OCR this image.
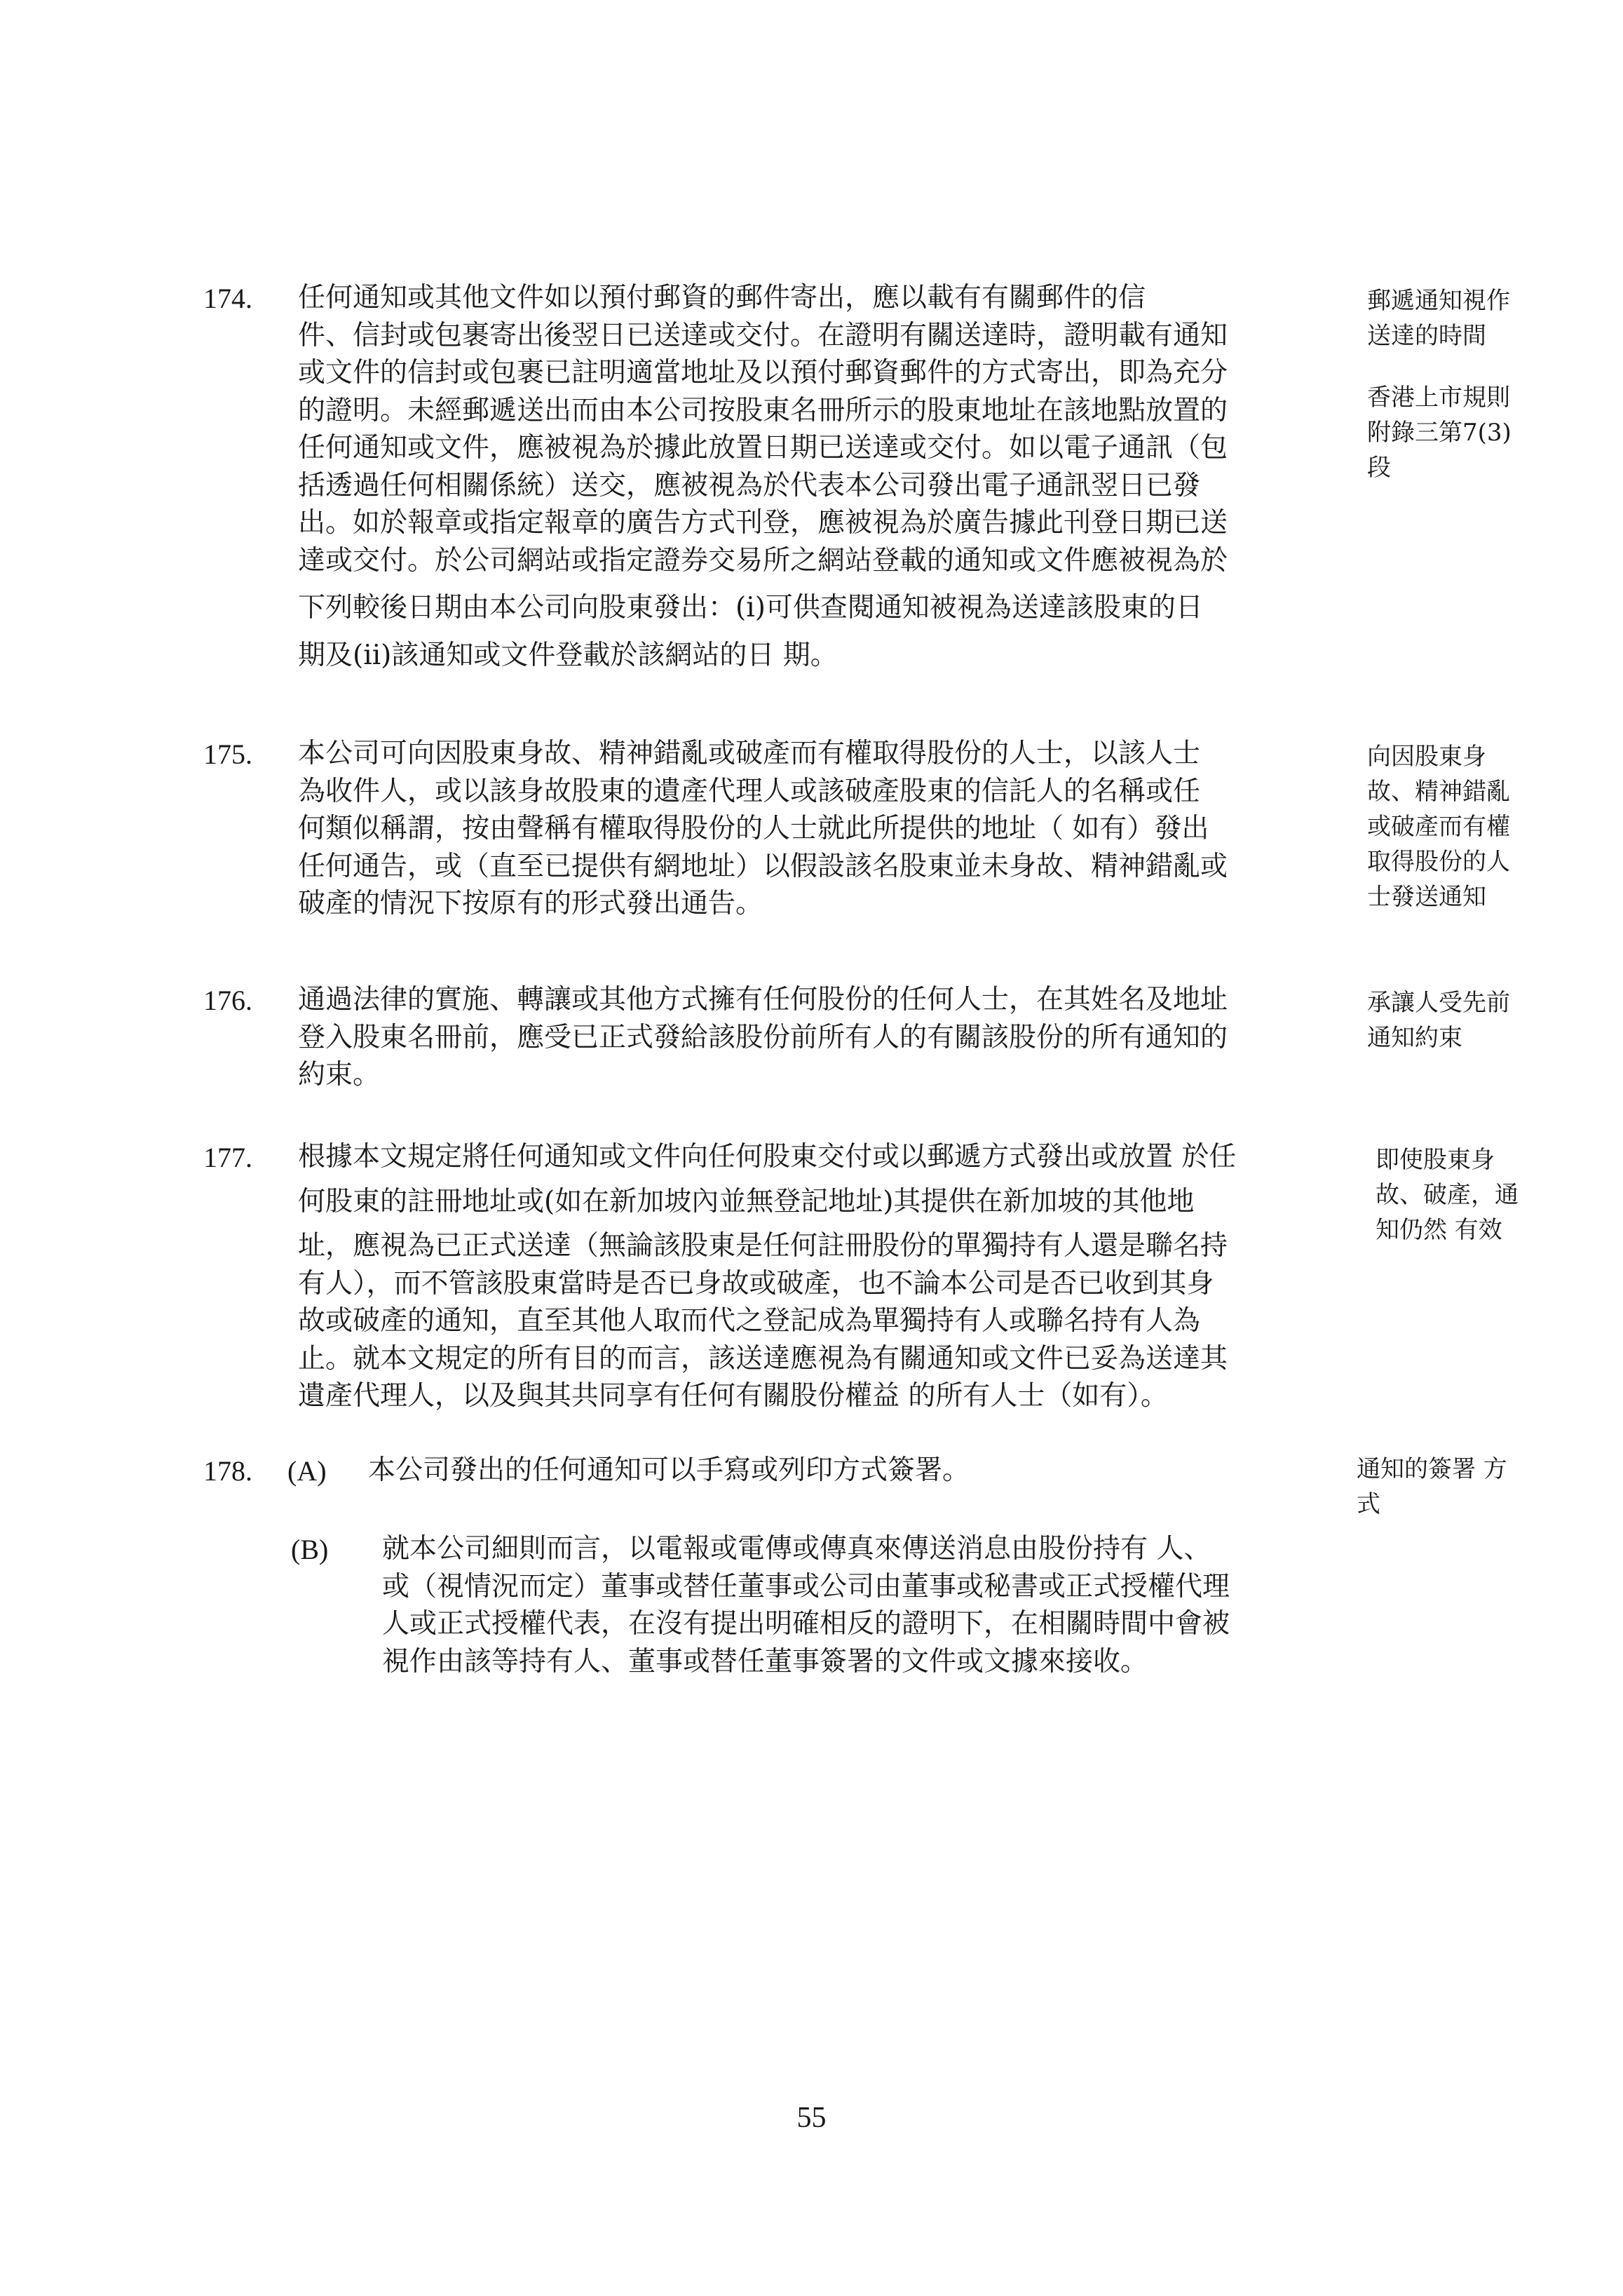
174. 任何通知或其他文件如以預付郵資的郵件寄出，應以載有有關郵件的信

件、信封或包裹寄出後翌日已送達或交付。在證明有關送達時，證明載有通知

或文件的信封或包裹已註明適當地址及以預付郵資郵件的方式寄出，即為充分

的證明。未經郵遞送出而由本公司按股東名冊所示的股東地址在該地點放置的

任何通知或文件，應被視為於據此放置日期已送達或交付。如以電子通訊（包

括透過任何相關係統）送交，應被視為於代表本公司發出電子通訊翌日已發

出。如於報章或指定報章的廣告方式刊登，應被視為於廣告據此刊登日期已送

達或交付。於公司網站或指定證券交易所之網站登載的通知或文件應被視為於

下列較後日期由本公司向股東發出：(i)可供查閱通知被視為送達該股東的日

期及(ii)該通知或文件登載於該網站的日 期。

郵遞通知視作 送達的時間

香港上市規則 附錄三第7(3) 段

175. 本公司可向因股東身故、精神錯亂或破產而有權取得股份的人士，以該人士

為收件人，或以該身故股東的遺產代理人或該破產股東的信託人的名稱或任

何類似稱謂，按由聲稱有權取得股份的人士就此所提供的地址（ 如有）發出

任何通告，或（直至已提供有網地址）以假設該名股東並未身故、精神錯亂或

破產的情況下按原有的形式發出通告。

向因股東身故、精神錯亂 或破產而有權 取得股份的人 士發送通知

176. 通過法律的實施、轉讓或其他方式擁有任何股份的任何人士，在其姓名及地址

登入股東名冊前，應受已正式發給該股份前所有人的有關該股份的所有通知的

約束。

承讓人受先前 通知約束

177. 根據本文規定將任何通知或文件向任何股東交付或以郵遞方式發出或放置 於任

何股東的註冊地址或(如在新加坡內並無登記地址)其提供在新加坡的其他地

址，應視為已正式送達（無論該股東是任何註冊股份的單獨持有人還是聯名持

有人），而不管該股東當時是否已身故或破產，也不論本公司是否已收到其身

故或破產的通知，直至其他人取而代之登記成為單獨持有人或聯名持有人為

止。就本文規定的所有目的而言，該送達應視為有關通知或文件已妥為送達其

遺產代理人，以及與其共同享有任何有關股份權益 的所有人士（如有）。

即使股東身故、破產，通知仍然 有效

178. (A) 本公司發出的任何通知可以手寫或列印方式簽署。

(B) 就本公司細則而言，以電報或電傳或傳真來傳送消息由股份持有 人、

或（視情況而定）董事或替任董事或公司由董事或秘書或正式授權代理

人或正式授權代表，在沒有提出明確相反的證明下，在相關時間中會被

視作由該等持有人、董事或替任董事簽署的文件或文據來接收。

通知的簽署 方式

55
